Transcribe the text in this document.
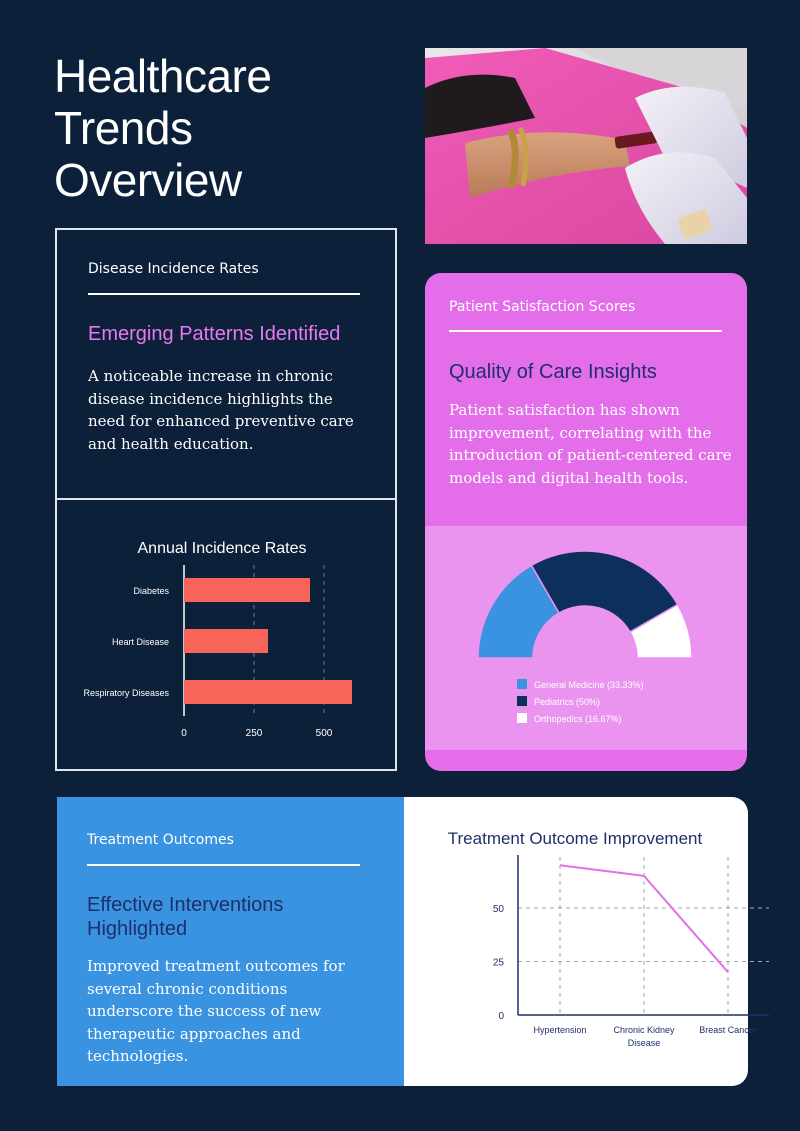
Healthcare
Trends
Overview
Disease Incidence Rates
Emerging Patterns Identified
A noticeable increase in chronic disease incidence highlights the need for enhanced preventive care and health education.
Annual Incidence Rates
Diabetes
Heart Disease
Respiratory Diseases
0	250	500
Patient Satisfaction Scores
Quality of Care Insights
Patient satisfaction has shown improvement, correlating with the introduction of patient-centered care models and digital health tools.
General Medicine (33.33%)
Pediatrics (50%)
Orthopedics (16.67%)
Treatment Outcomes
Effective Interventions Highlighted
Improved treatment outcomes for several chronic conditions underscore the success of new therapeutic approaches and technologies.
Treatment Outcome Improvement
0
25
50
Hypertension	Chronic Kidney Disease
Breast Cancer
